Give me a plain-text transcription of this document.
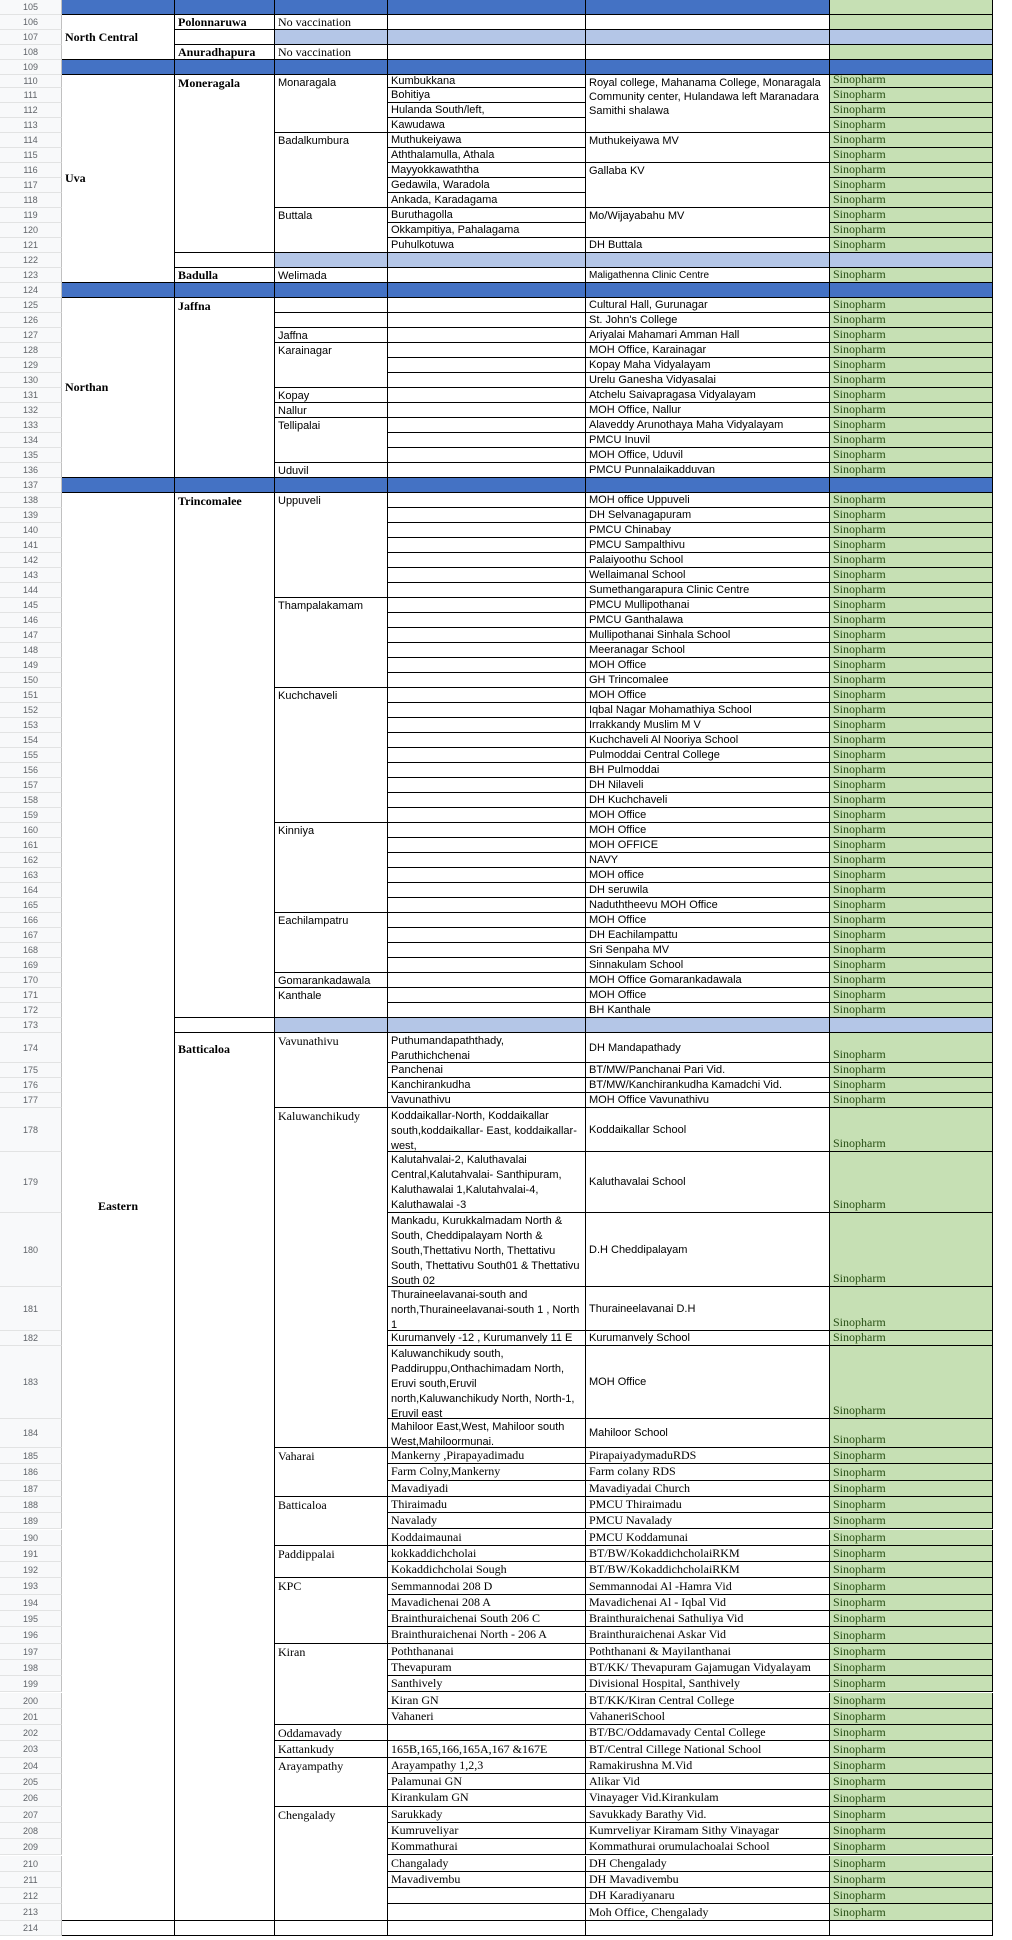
105
106
107
108
109
110
111
112
113
114
115
116
117
118
119
120
121
122
123
124
125
126
127
128
129
130
131
132
133
134
135
136
137
138
139
140
141
142
143
144
145
146
147
148
149
150
151
152
153
154
155
156
157
158
159
160
161
162
163
164
165
166
167
168
169
170
171
172
173
174
175
176
177
178
179
180
181
182
183
184
185
186
187
188
189
190
191
192
193
194
195
196
197
198
199
200
201
202
203
204
205
206
207
208
209
210
211
212
213
214
North Central
Uva
Northan
Eastern
Polonnaruwa
Anuradhapura
Moneragala
Badulla
Jaffna
Trincomalee
Batticaloa
No vaccination
No vaccination
Monaragala
Badalkumbura
Buttala
Welimada
Jaffna
Karainagar
Kopay
Nallur
Tellipalai
Uduvil
Uppuveli
Thampalakamam
Kuchchaveli
Kinniya
Eachilampatru
Gomarankadawala
Kanthale
Vavunathivu
Kaluwanchikudy
Vaharai
Batticaloa
Paddippalai
KPC
Kiran
Oddamavady
Kattankudy
Arayampathy
Chengalady
Kumbukkana
Bohitiya
Hulanda South/left,
Kawudawa
Muthukeiyawa
Aththalamulla, Athala
Mayyokkawaththa
Gedawila, Waradola
Ankada, Karadagama
Buruthagolla
Okkampitiya, Pahalagama
Puhulkotuwa
Puthumandapaththady, Paruthichchenai
Panchenai
Kanchirankudha
Vavunathivu
Koddaikallar-North, Koddaikallar south,koddaikallar- East, koddaikallar- west,
Kalutahvalai-2, Kaluthavalai Central,Kalutahvalai- Santhipuram, Kaluthawalai 1,Kalutahvalai-4, Kaluthawalai -3
Mankadu, Kurukkalmadam North & South, Cheddipalayam North & South,Thettativu North, Thettativu South, Thettativu South01 & Thettativu South 02
Thuraineelavanai-south and north,Thuraineelavanai-south 1 , North 1
Kurumanvely -12 , Kurumanvely 11 E
Kaluwanchikudy south, Paddiruppu,Onthachimadam North, Eruvi south,Eruvil north,Kaluwanchikudy North, North-1, Eruvil east
Mahiloor East,West, Mahiloor south West,Mahiloormunai.
Mankerny ,Pirapayadimadu
Farm Colny,Mankerny
Mavadiyadi
Thiraimadu
Navalady
Koddaimaunai
kokkaddichcholai
Kokaddichcholai Sough
Semmannodai 208 D
Mavadichenai 208 A
Brainthuraichenai South 206 C
Brainthuraichenai North - 206 A
Poththananai
Thevapuram
Santhively
Kiran GN
Vahaneri
165B,165,166,165A,167 &167E
Arayampathy 1,2,3
Palamunai GN
Kirankulam GN
Sarukkady
Kumruveliyar
Kommathurai
Changalady
Mavadivembu
Royal college, Mahanama College, Monaragala Community center, Hulandawa left Maranadara Samithi shalawa
Muthukeiyawa MV
Gallaba KV
Mo/Wijayabahu MV
DH Buttala
Maligathenna Clinic Centre
Cultural Hall, Gurunagar
St. John's College
Ariyalai Mahamari Amman Hall
MOH Office, Karainagar
Kopay Maha Vidyalayam
Urelu Ganesha Vidyasalai
Atchelu Saivapragasa Vidyalayam
MOH Office, Nallur
Alaveddy Arunothaya Maha Vidyalayam
PMCU Inuvil
MOH Office, Uduvil
PMCU Punnalaikadduvan
MOH office Uppuveli
DH Selvanagapuram
PMCU Chinabay
PMCU Sampalthivu
Palaiyoothu School
Wellaimanal School
Sumethangarapura Clinic Centre
PMCU Mullipothanai
PMCU Ganthalawa
Mullipothanai Sinhala School
Meeranagar School
MOH Office
GH Trincomalee
MOH Office
Iqbal Nagar Mohamathiya School
Irrakkandy Muslim M V
Kuchchaveli Al Nooriya School
Pulmoddai Central College
BH Pulmoddai
DH Nilaveli
DH Kuchchaveli
MOH Office
MOH Office
MOH OFFICE
NAVY
MOH office
DH seruwila
Naduththeevu MOH Office
MOH Office
DH Eachilampattu
Sri Senpaha MV
Sinnakulam School
MOH Office Gomarankadawala
MOH Office
BH Kanthale
DH Mandapathady
BT/MW/Panchanai Pari Vid.
BT/MW/Kanchirankudha Kamadchi Vid.
MOH Office Vavunathivu
Koddaikallar School
Kaluthavalai School
D.H Cheddipalayam
Thuraineelavanai D.H
Kurumanvely School
MOH Office
Mahiloor School
PirapaiyadymaduRDS
Farm colany RDS
Mavadiyadai Church
PMCU Thiraimadu
PMCU Navalady
PMCU Koddamunai
BT/BW/KokaddichcholaiRKM
BT/BW/KokaddichcholaiRKM
Semmannodai Al -Hamra Vid
Mavadichenai Al - Iqbal Vid
Brainthuraichenai Sathuliya Vid
Brainthuraichenai Askar Vid
Poththanani & Mayilanthanai
BT/KK/ Thevapuram Gajamugan Vidyalayam
Divisional Hospital, Santhively
BT/KK/Kiran Central College
VahaneriSchool
BT/BC/Oddamavady Cental College
BT/Central Cillege National School
Ramakirushna M.Vid
Alikar Vid
Vinayager Vid.Kirankulam
Savukkady Barathy Vid.
Kumrveliyar Kiramam Sithy Vinayagar
Kommathurai orumulachoalai School
DH Chengalady
DH Mavadivembu
DH Karadiyanaru
Moh Office, Chengalady
Sinopharm
Sinopharm
Sinopharm
Sinopharm
Sinopharm
Sinopharm
Sinopharm
Sinopharm
Sinopharm
Sinopharm
Sinopharm
Sinopharm
Sinopharm
Sinopharm
Sinopharm
Sinopharm
Sinopharm
Sinopharm
Sinopharm
Sinopharm
Sinopharm
Sinopharm
Sinopharm
Sinopharm
Sinopharm
Sinopharm
Sinopharm
Sinopharm
Sinopharm
Sinopharm
Sinopharm
Sinopharm
Sinopharm
Sinopharm
Sinopharm
Sinopharm
Sinopharm
Sinopharm
Sinopharm
Sinopharm
Sinopharm
Sinopharm
Sinopharm
Sinopharm
Sinopharm
Sinopharm
Sinopharm
Sinopharm
Sinopharm
Sinopharm
Sinopharm
Sinopharm
Sinopharm
Sinopharm
Sinopharm
Sinopharm
Sinopharm
Sinopharm
Sinopharm
Sinopharm
Sinopharm
Sinopharm
Sinopharm
Sinopharm
Sinopharm
Sinopharm
Sinopharm
Sinopharm
Sinopharm
Sinopharm
Sinopharm
Sinopharm
Sinopharm
Sinopharm
Sinopharm
Sinopharm
Sinopharm
Sinopharm
Sinopharm
Sinopharm
Sinopharm
Sinopharm
Sinopharm
Sinopharm
Sinopharm
Sinopharm
Sinopharm
Sinopharm
Sinopharm
Sinopharm
Sinopharm
Sinopharm
Sinopharm
Sinopharm
Sinopharm
Sinopharm
Sinopharm
Sinopharm
Sinopharm
Sinopharm
